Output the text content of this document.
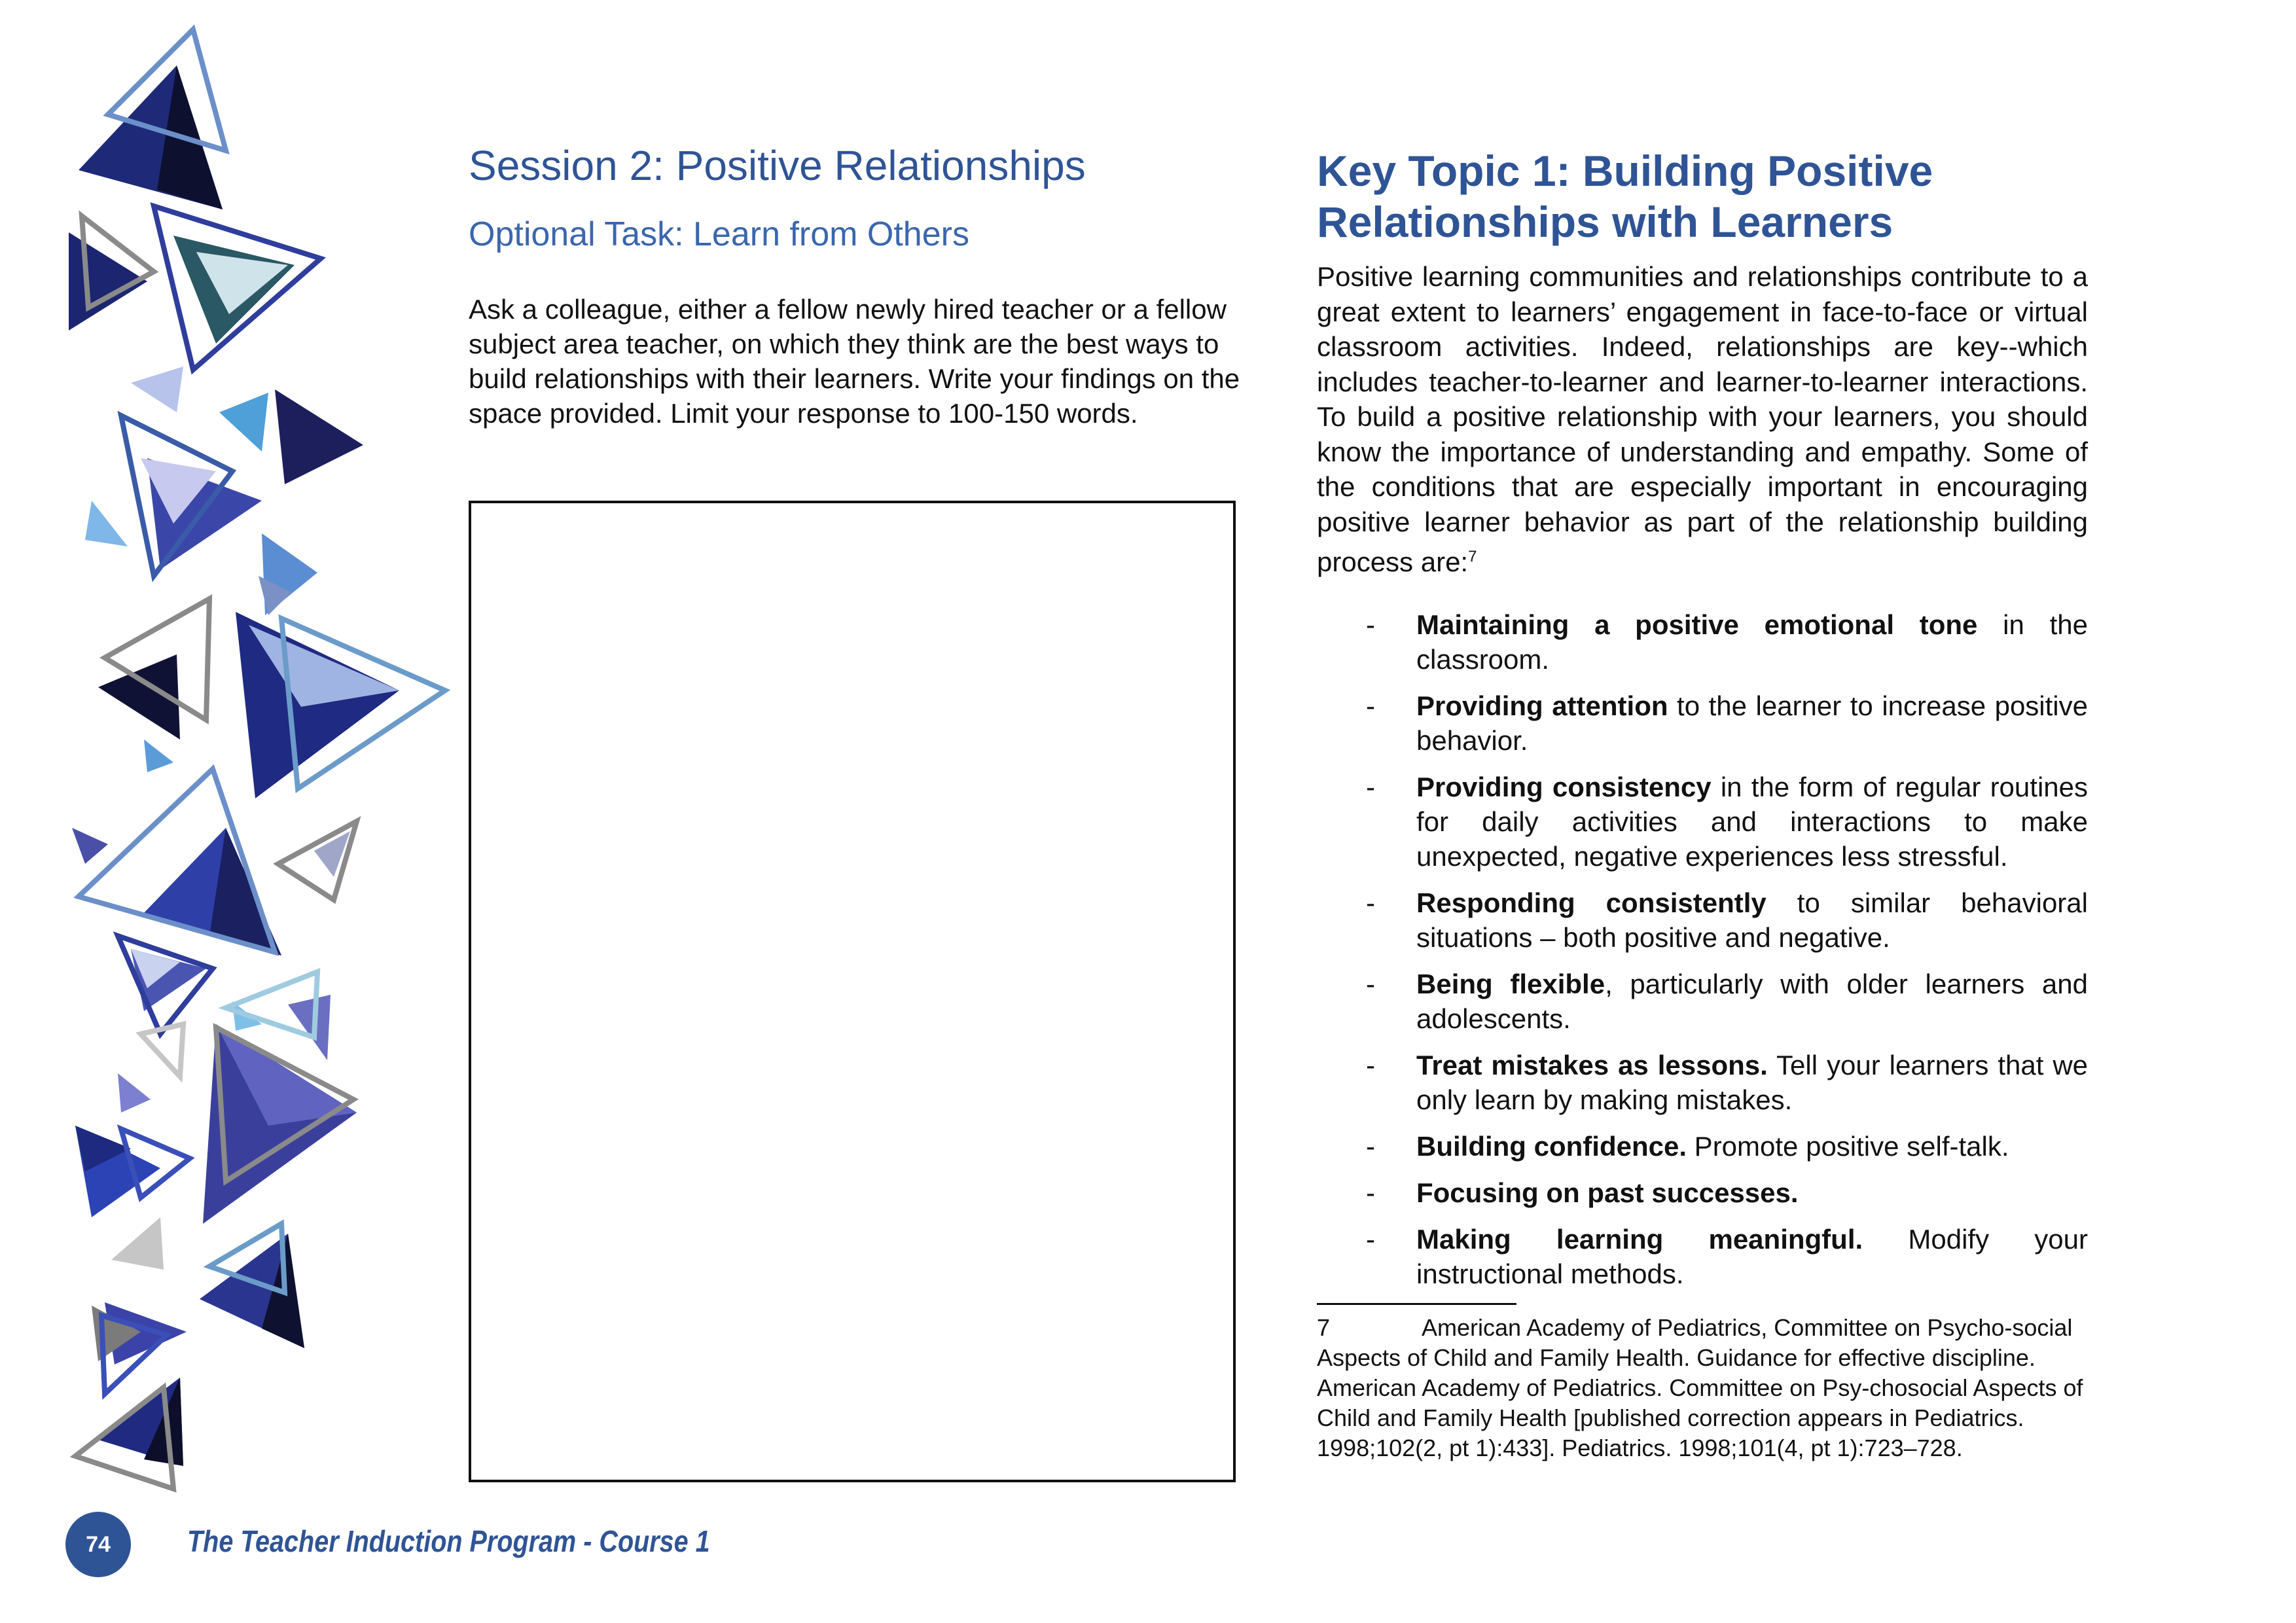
Session 2: Positive Relationships
Optional Task: Learn from Others

Ask a colleague, either a fellow newly hired teacher or a fellow subject area teacher, on which they think are the best ways to build relationships with their learners. Write your findings on the space provided. Limit your response to 100-150 words.

Key Topic 1: Building Positive Relationships with Learners

Positive learning communities and relationships contribute to a great extent to learners’ engagement in face-to-face or virtual classroom activities. Indeed, relationships are key--which includes teacher-to-learner and learner-to-learner interactions. To build a positive relationship with your learners, you should know the importance of understanding and empathy. Some of the conditions that are especially important in encouraging positive learner behavior as part of the relationship building process are:$^7$

- Maintaining a positive emotional tone in the classroom.
- Providing attention to the learner to increase positive behavior.
- Providing consistency in the form of regular routines for daily activities and interactions to make unexpected, negative experiences less stressful.
- Responding consistently to similar behavioral situations – both positive and negative.
- Being flexible, particularly with older learners and adolescents.
- Treat mistakes as lessons. Tell your learners that we only learn by making mistakes.
- Building confidence. Promote positive self-talk.
- Focusing on past successes.
- Making learning meaningful. Modify your instructional methods.

7	American Academy of Pediatrics, Committee on Psycho-social Aspects of Child and Family Health. Guidance for effective discipline. American Academy of Pediatrics. Committee on Psy-chosocial Aspects of Child and Family Health [published correction appears in Pediatrics. 1998;102(2, pt 1):433]. Pediatrics. 1998;101(4, pt 1):723–728.

74	The Teacher Induction Program - Course 1
